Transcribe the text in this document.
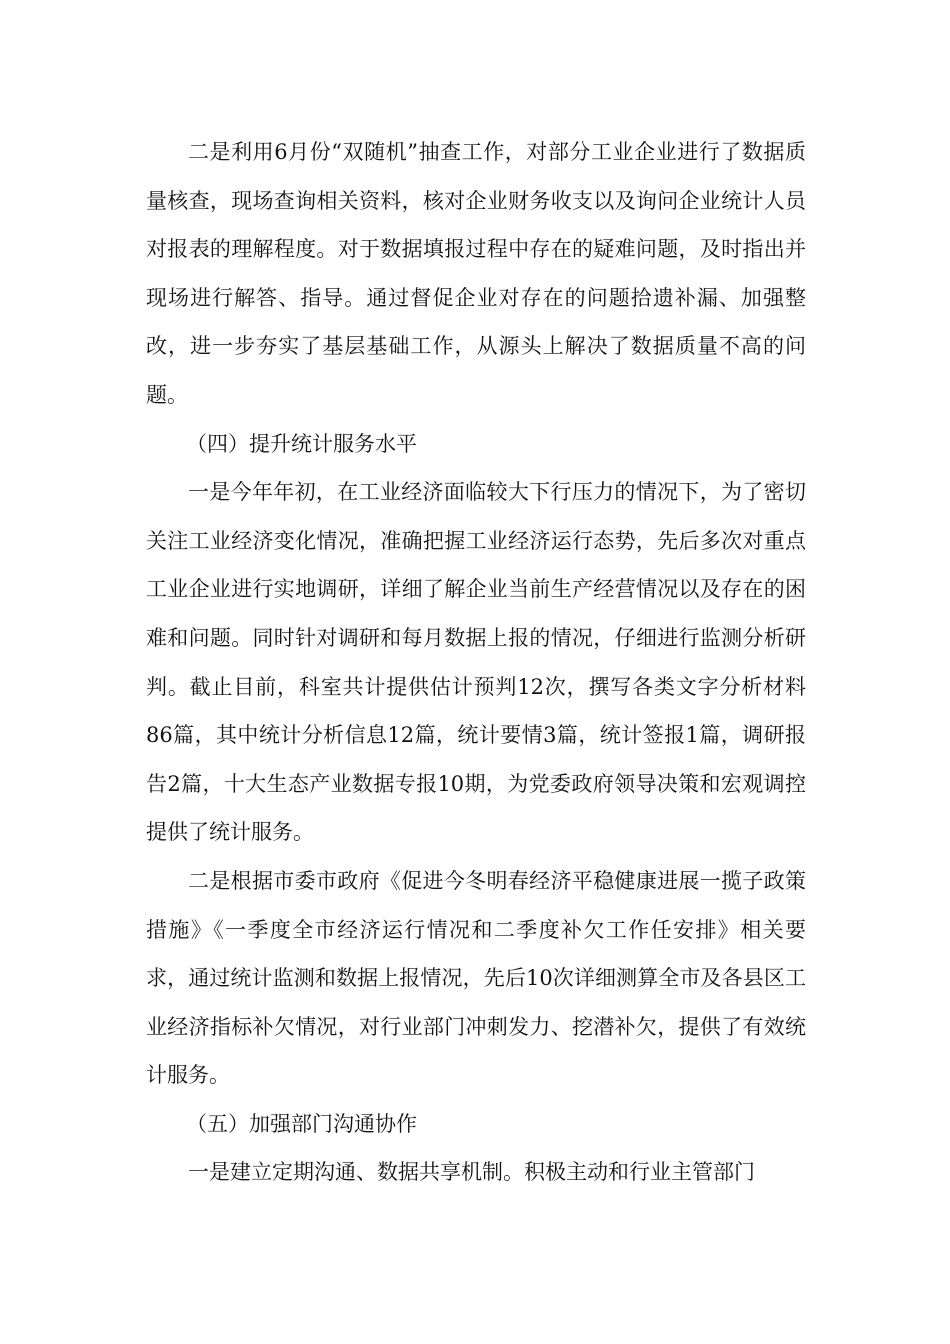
二是利用6月份“双随机”抽查工作，对部分工业企业进行了数据质量核查，现场查询相关资料，核对企业财务收支以及询问企业统计人员对报表的理解程度。对于数据填报过程中存在的疑难问题，及时指出并现场进行解答、指导。通过督促企业对存在的问题拾遗补漏、加强整改，进一步夯实了基层基础工作，从源头上解决了数据质量不高的问题。

（四）提升统计服务水平

一是今年年初，在工业经济面临较大下行压力的情况下，为了密切关注工业经济变化情况，准确把握工业经济运行态势，先后多次对重点工业企业进行实地调研，详细了解企业当前生产经营情况以及存在的困难和问题。同时针对调研和每月数据上报的情况，仔细进行监测分析研判。截止目前，科室共计提供估计预判12次，撰写各类文字分析材料86篇，其中统计分析信息12篇，统计要情3篇，统计签报1篇，调研报告2篇，十大生态产业数据专报10期，为党委政府领导决策和宏观调控提供了统计服务。

二是根据市委市政府《促进今冬明春经济平稳健康进展一揽子政策措施》《一季度全市经济运行情况和二季度补欠工作任安排》相关要求，通过统计监测和数据上报情况，先后10次详细测算全市及各县区工业经济指标补欠情况，对行业部门冲刺发力、挖潜补欠，提供了有效统计服务。

（五）加强部门沟通协作

一是建立定期沟通、数据共享机制。积极主动和行业主管部门
